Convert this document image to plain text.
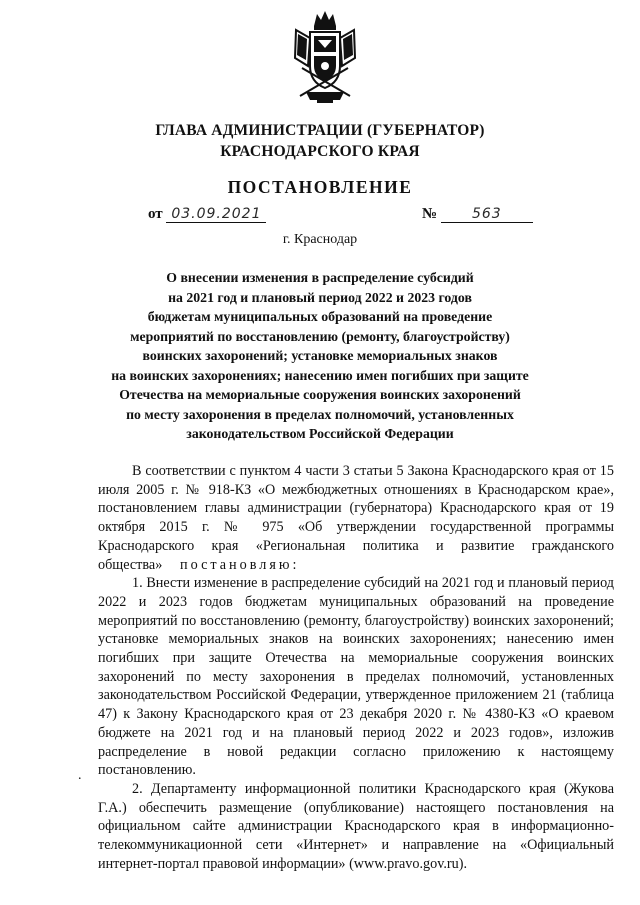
ГЛАВА АДМИНИСТРАЦИИ (ГУБЕРНАТОР)
КРАСНОДАРСКОГО КРАЯ
ПОСТАНОВЛЕНИЕ
от 03.09.2021	№ 563
г. Краснодар
О внесении изменения в распределение субсидий
на 2021 год и плановый период 2022 и 2023 годов
бюджетам муниципальных образований на проведение
мероприятий по восстановлению (ремонту, благоустройству)
воинских захоронений; установке мемориальных знаков
на воинских захоронениях; нанесению имен погибших при защите
Отечества на мемориальные сооружения воинских захоронений
по месту захоронения в пределах полномочий, установленных
законодательством Российской Федерации

В соответствии с пунктом 4 части 3 статьи 5 Закона Краснодарского края от 15 июля 2005 г. № 918-КЗ «О межбюджетных отношениях в Краснодарском крае», постановлением главы администрации (губернатора) Краснодарского края от 19 октября 2015 г. № 975 «Об утверждении государственной программы Краснодарского края «Региональная политика и развитие гражданского общества» постановляю:

1. Внести изменение в распределение субсидий на 2021 год и плановый период 2022 и 2023 годов бюджетам муниципальных образований на проведение мероприятий по восстановлению (ремонту, благоустройству) воинских захоронений; установке мемориальных знаков на воинских захоронениях; нанесению имен погибших при защите Отечества на мемориальные сооружения воинских захоронений по месту захоронения в пределах полномочий, установленных законодательством Российской Федерации, утвержденное приложением 21 (таблица 47) к Закону Краснодарского края от 23 декабря 2020 г. № 4380-КЗ «О краевом бюджете на 2021 год и на плановый период 2022 и 2023 годов», изложив распределение в новой редакции согласно приложению к настоящему постановлению.

2. Департаменту информационной политики Краснодарского края (Жукова Г.А.) обеспечить размещение (опубликование) настоящего постановления на официальном сайте администрации Краснодарского края в информационно-телекоммуникационной сети «Интернет» и направление на «Официальный интернет-портал правовой информации» (www.pravo.gov.ru).

.
